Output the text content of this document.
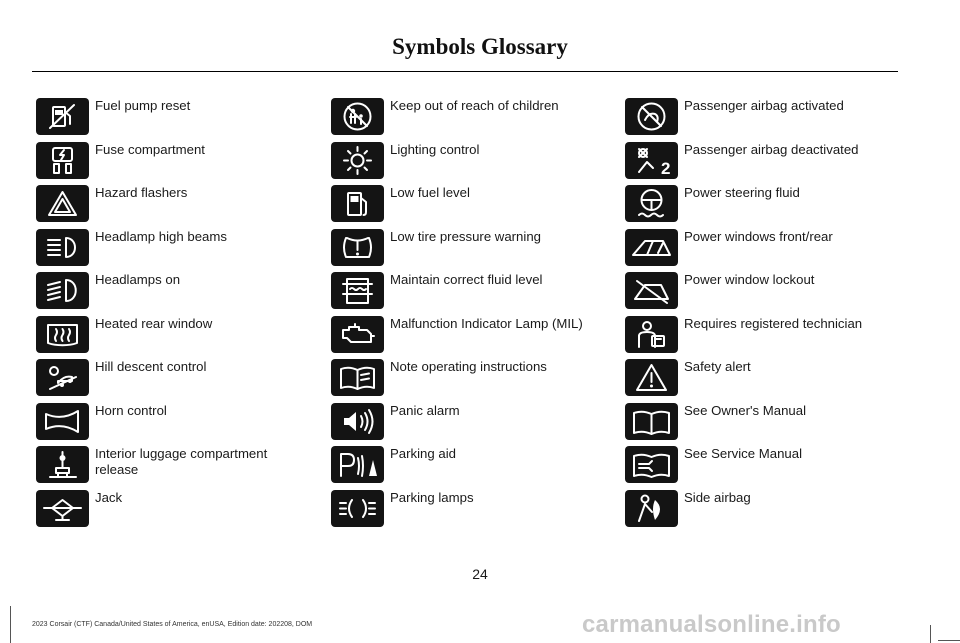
Symbols Glossary
Fuel pump reset
Fuse compartment
Hazard flashers
Headlamp high beams
Headlamps on
Heated rear window
Hill descent control
Horn control
Interior luggage compartment release
Jack
Keep out of reach of children
Lighting control
Low fuel level
Low tire pressure warning
Maintain correct fluid level
Malfunction Indicator Lamp (MIL)
Note operating instructions
Panic alarm
Parking aid
Parking lamps
Passenger airbag activated
2
Passenger airbag deactivated
Power steering fluid
Power windows front/rear
Power window lockout
Requires registered technician
Safety alert
See Owner's Manual
See Service Manual
Side airbag
24
2023 Corsair (CTF) Canada/United States of America, enUSA, Edition date: 202208, DOM	carmanualsonline.info
